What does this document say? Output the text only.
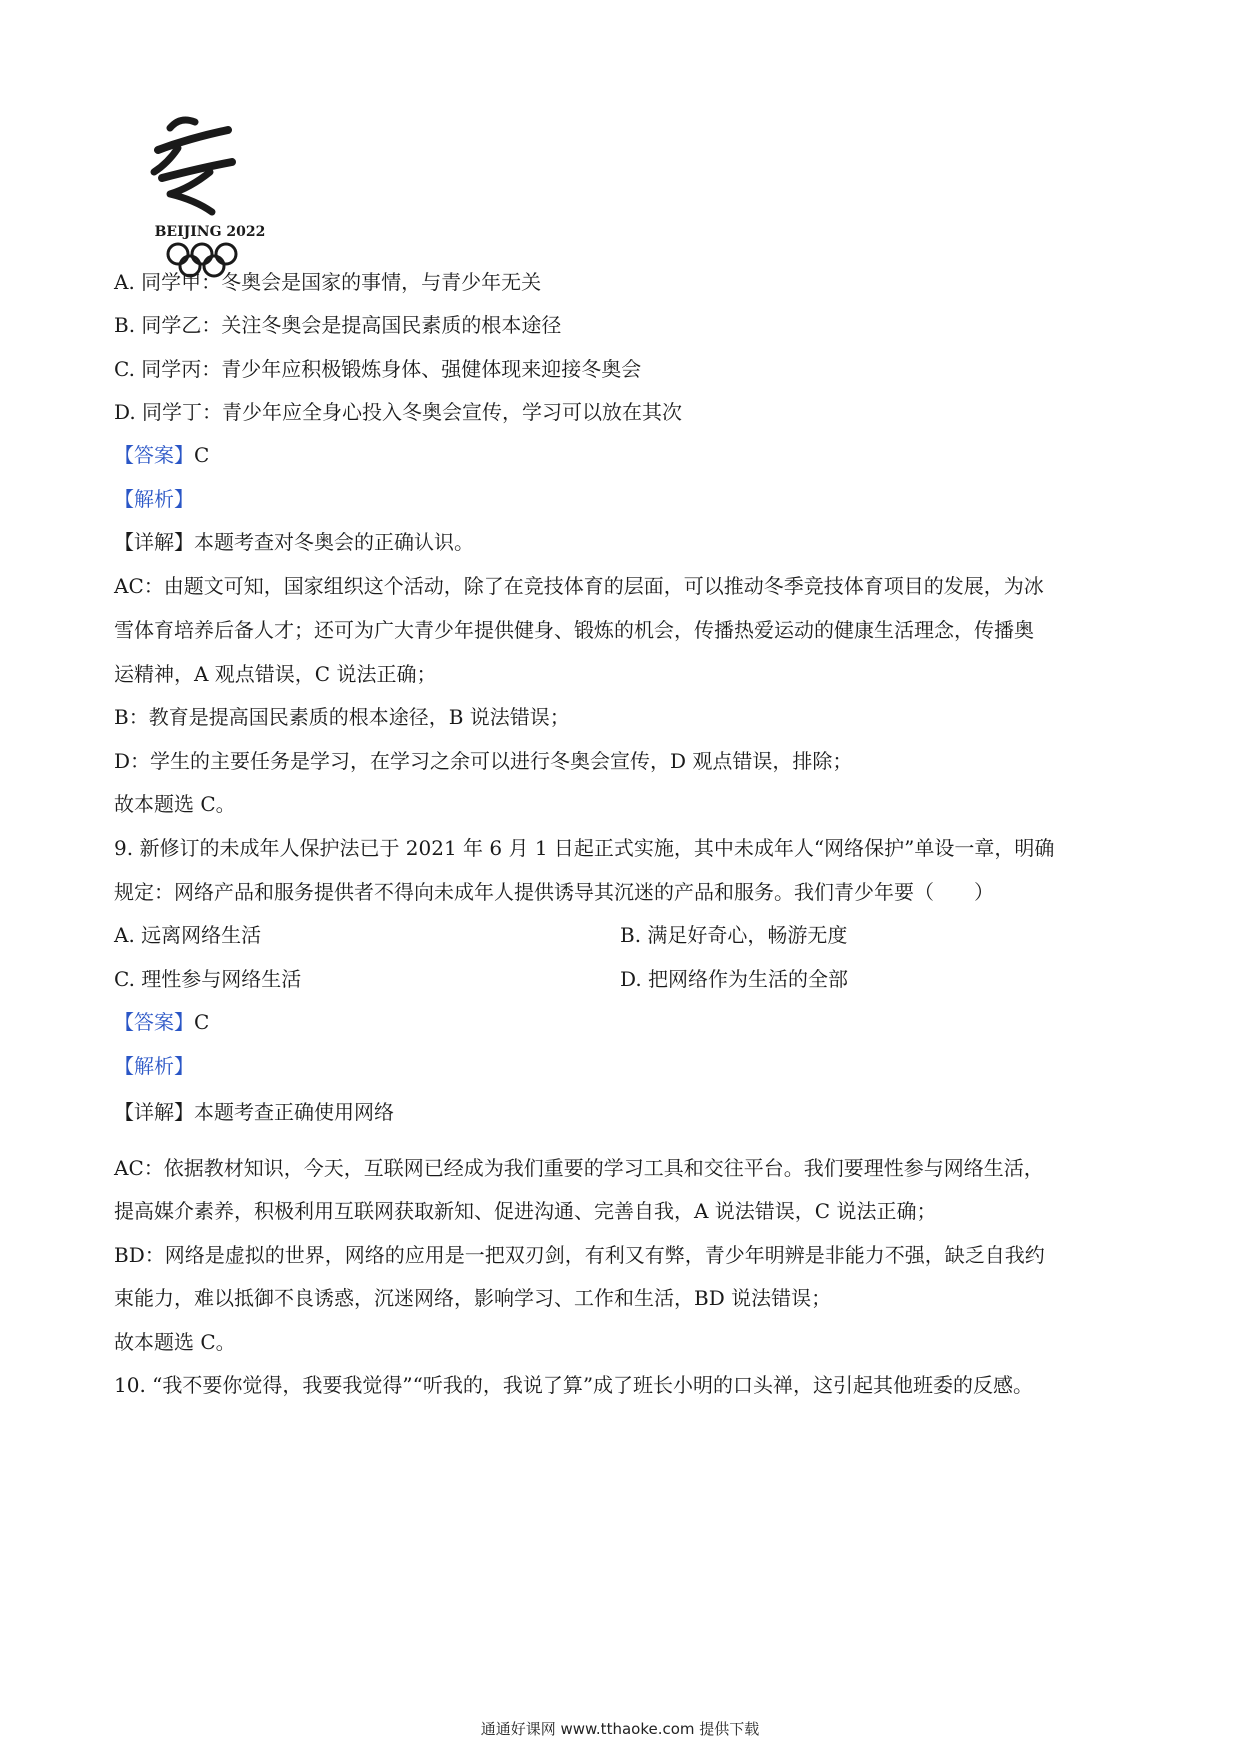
BEIJING 2022
A. 同学甲：冬奥会是国家的事情，与青少年无关
B. 同学乙：关注冬奥会是提高国民素质的根本途径
C. 同学丙：青少年应积极锻炼身体、强健体现来迎接冬奥会
D. 同学丁：青少年应全身心投入冬奥会宣传，学习可以放在其次
【答案】C
【解析】
【详解】本题考查对冬奥会的正确认识。
AC：由题文可知，国家组织这个活动，除了在竞技体育的层面，可以推动冬季竞技体育项目的发展，为冰
雪体育培养后备人才；还可为广大青少年提供健身、锻炼的机会，传播热爱运动的健康生活理念，传播奥
运精神，A 观点错误，C 说法正确；
B：教育是提高国民素质的根本途径，B 说法错误；
D：学生的主要任务是学习，在学习之余可以进行冬奥会宣传，D 观点错误，排除；
故本题选 C。
9. 新修订的未成年人保护法已于 2021 年 6 月 1 日起正式实施，其中未成年人“网络保护”单设一章，明确
规定：网络产品和服务提供者不得向未成年人提供诱导其沉迷的产品和服务。我们青少年要（　　）
A. 远离网络生活	B. 满足好奇心，畅游无度
C. 理性参与网络生活	D. 把网络作为生活的全部
【答案】C
【解析】
【详解】本题考查正确使用网络
AC：依据教材知识，今天，互联网已经成为我们重要的学习工具和交往平台。我们要理性参与网络生活，
提高媒介素养，积极利用互联网获取新知、促进沟通、完善自我，A 说法错误，C 说法正确；
BD：网络是虚拟的世界，网络的应用是一把双刃剑，有利又有弊，青少年明辨是非能力不强，缺乏自我约
束能力，难以抵御不良诱惑，沉迷网络，影响学习、工作和生活，BD 说法错误；
故本题选 C。
10. “我不要你觉得，我要我觉得”“听我的，我说了算”成了班长小明的口头禅，这引起其他班委的反感。
通通好课网 www.tthaoke.com 提供下载
